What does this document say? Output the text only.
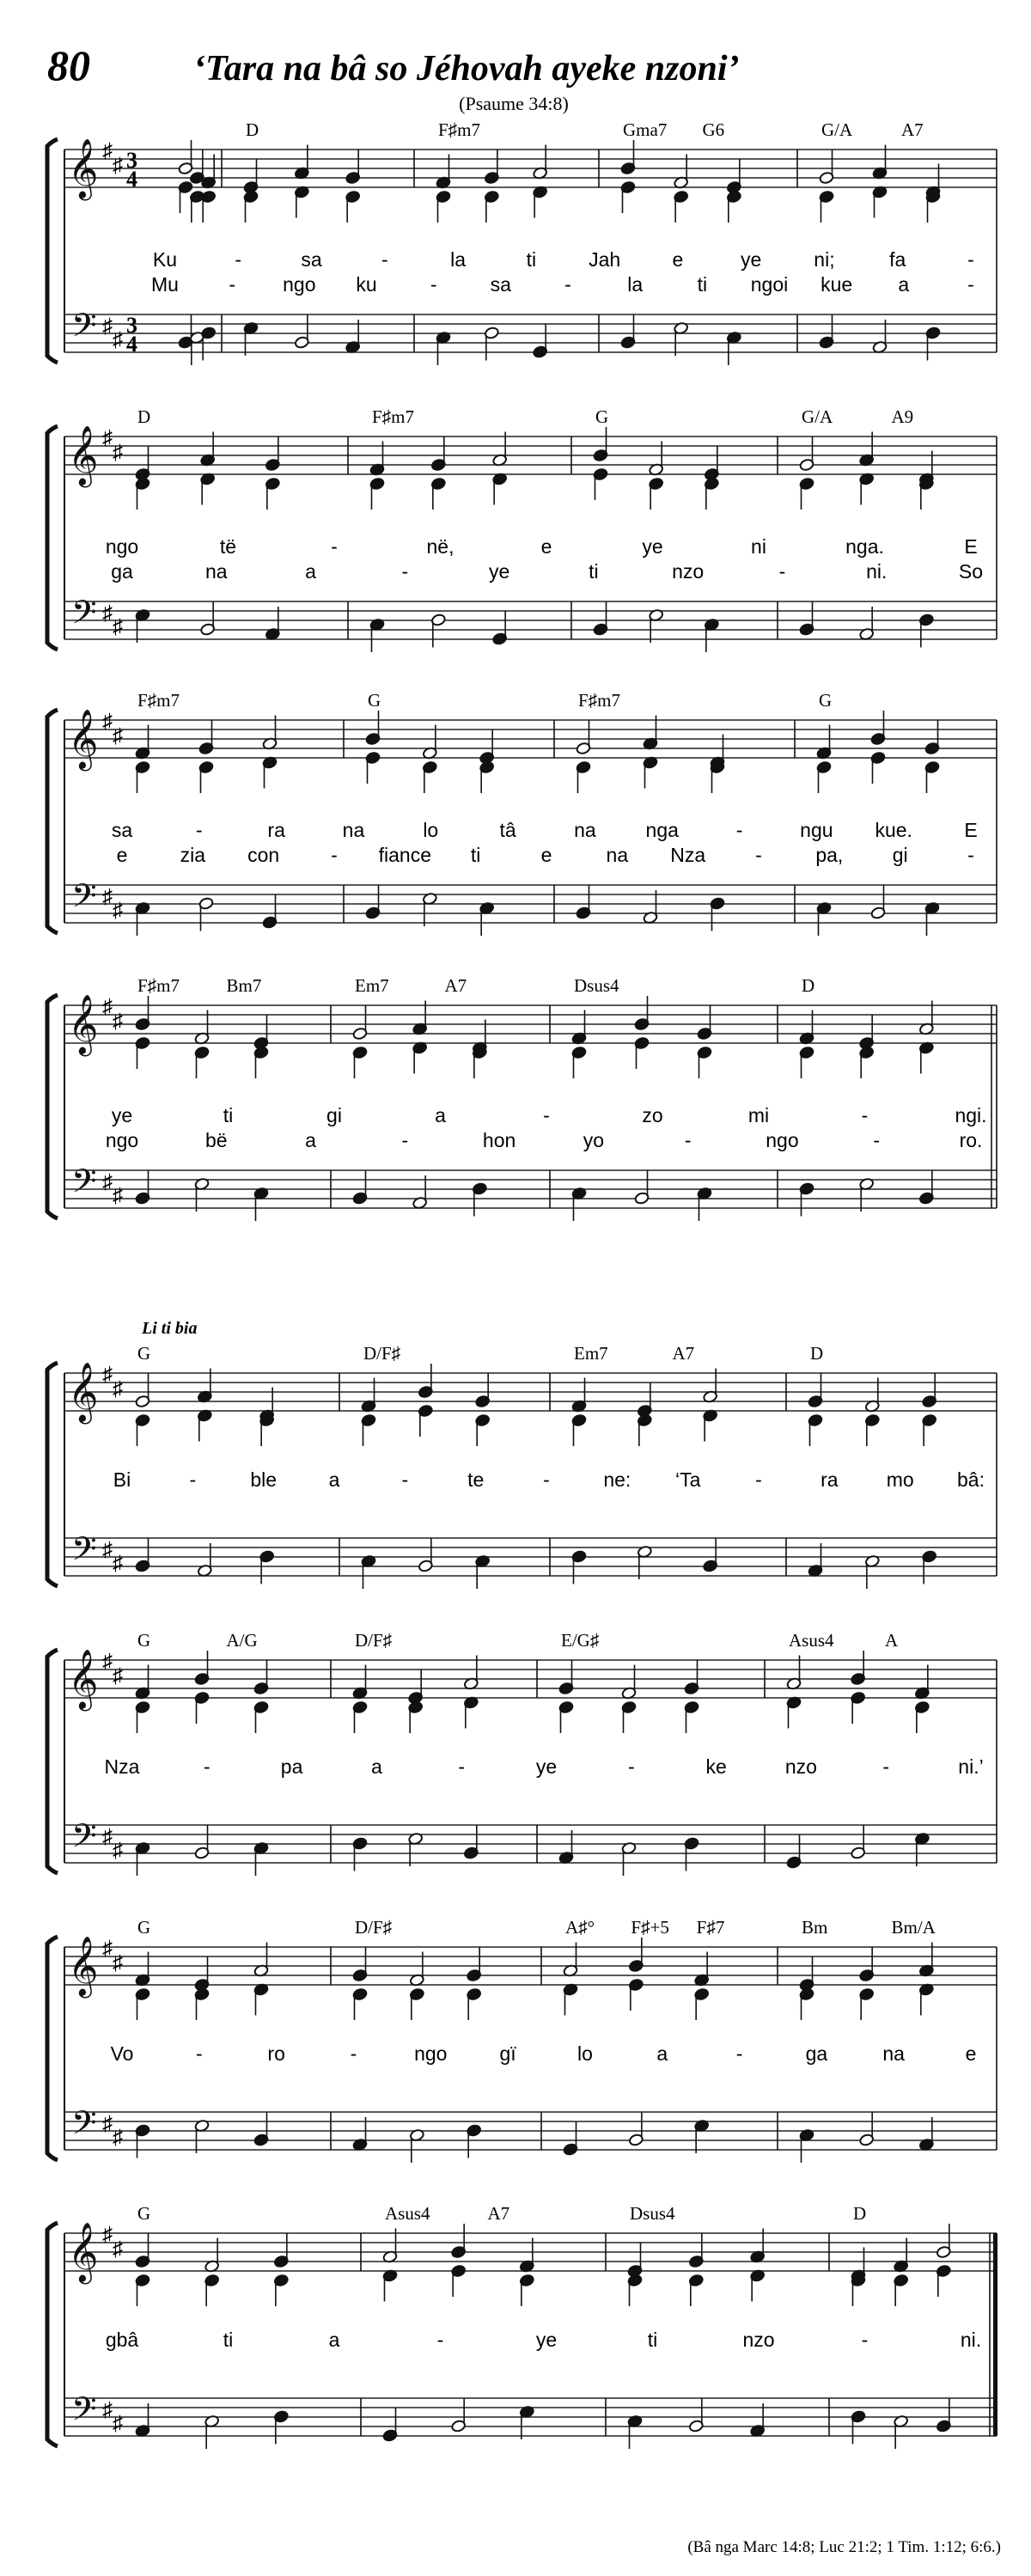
80	‘Tara na bâ so Jéhovah ayeke nzoni’
(Psaume 34:8)
(Bâ nga Marc 14:8; Luc 21:2; 1 Tim. 1:12; 6:6.)
𝄞
𝄢
♯
♯
♯
♯
3
4
3
4
D	F♯m7	Gma7 G6	G/A	A7
Ku	-	sa	-	la	ti	Jah	e	ye	ni;	fa	-
Mu	- ngo ku	-	sa	-	la	ti ngoi kue a	-
𝄞
𝄢
♯
♯
♯
♯
D	F♯m7	G	G/A	A9
ngo	të	-	në,	e	ye	ni	nga.	E
ga	na	a	-	ye	ti	nzo	-	ni.	So
𝄞
𝄢
♯
♯
♯
♯
F♯m7	G	F♯m7	G
sa	-	ra	na	lo	tâ	na	nga	-	ngu kue.	E
e	zia con	- fiance ti	e	na Nza	-	pa, gi	-
𝄞
𝄢
♯
♯
♯
♯
F♯m7	Bm7	Em7	A7	Dsus4	D
ye	ti	gi	a	-	zo	mi	-	ngi.
ngo	bë	a	-	hon	yo	-	ngo	-	ro.
𝄞
𝄢
♯
♯
♯
♯
Li ti bia
G	D/F♯	Em7	A7	D
Bi	-	ble	a	-	te	-	ne: ‘Ta	-	ra mo bâ:
𝄞
𝄢
♯
♯
♯
♯
G	A/G	D/F♯	E/G♯	Asus4	A
Nza	-	pa	a	-	ye	-	ke	nzo	-	ni.’
𝄞
𝄢
♯
♯
♯
♯
G	D/F♯	A♯° F♯+5 F♯7	Bm	Bm/A
Vo	-	ro	-	ngo	gï	lo	a	-	ga	na	e
𝄞
𝄢
♯
♯
♯
♯
G	Asus4	A7	Dsus4	D
gbâ	ti	a	-	ye	ti	nzo	-	ni.
